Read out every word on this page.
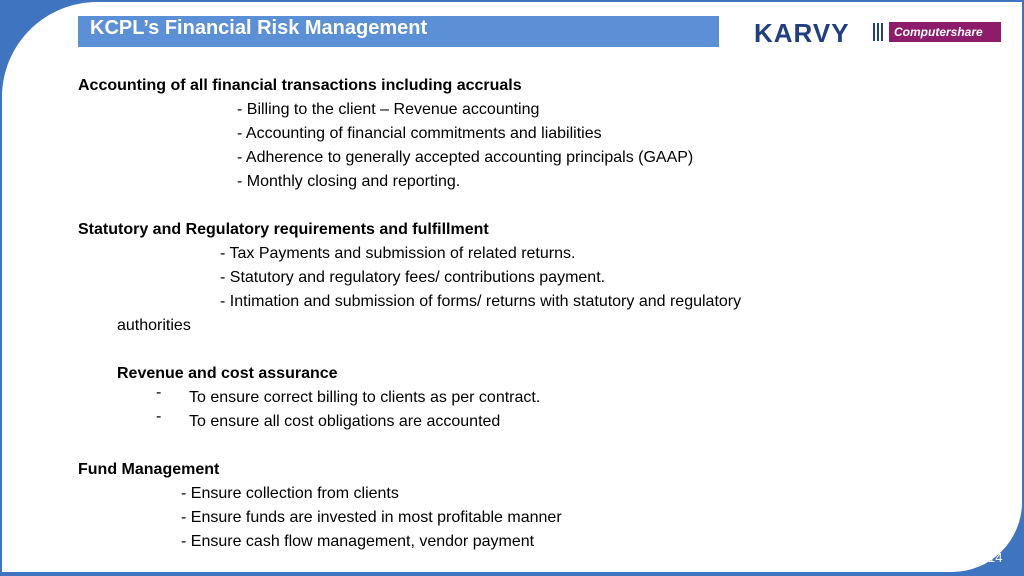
KCPL’s Financial Risk Management	KARVY	Computershare
Accounting of all financial transactions including accruals
- Billing to the client – Revenue accounting
- Accounting of financial commitments and liabilities
- Adherence to generally accepted accounting principals (GAAP)
- Monthly closing and reporting.
Statutory and Regulatory requirements and fulfillment
- Tax Payments and submission of related returns.
- Statutory and regulatory fees/ contributions payment.
- Intimation and submission of forms/ returns with statutory and regulatory
authorities
Revenue and cost assurance
- To ensure correct billing to clients as per contract.
- To ensure all cost obligations are accounted
Fund Management
- Ensure collection from clients
- Ensure funds are invested in most profitable manner
- Ensure cash flow management, vendor payment
14
